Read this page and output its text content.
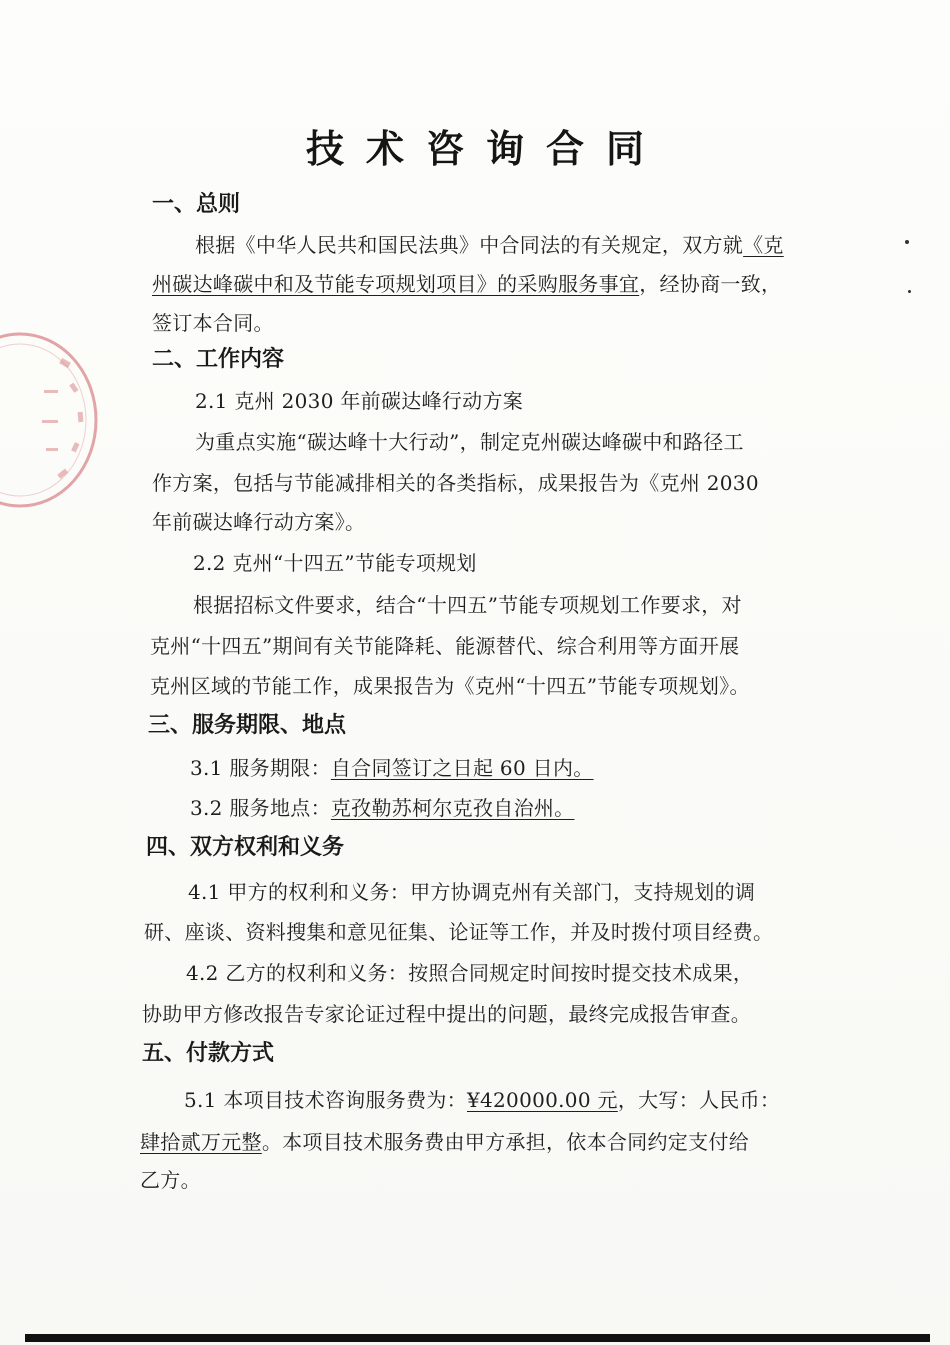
技术咨询合同
一、总则
根据《中华人民共和国民法典》中合同法的有关规定，双方就《克
州碳达峰碳中和及节能专项规划项目》的采购服务事宜，经协商一致，
签订本合同。
二、工作内容
2.1 克州 2030 年前碳达峰行动方案
为重点实施“碳达峰十大行动”，制定克州碳达峰碳中和路径工
作方案，包括与节能减排相关的各类指标，成果报告为《克州 2030
年前碳达峰行动方案》。
2.2 克州“十四五”节能专项规划
根据招标文件要求，结合“十四五”节能专项规划工作要求，对
克州“十四五”期间有关节能降耗、能源替代、综合利用等方面开展
克州区域的节能工作，成果报告为《克州“十四五”节能专项规划》。
三、服务期限、地点
3.1 服务期限：自合同签订之日起 60 日内。
3.2 服务地点：克孜勒苏柯尔克孜自治州。
四、双方权利和义务
4.1 甲方的权利和义务：甲方协调克州有关部门，支持规划的调
研、座谈、资料搜集和意见征集、论证等工作，并及时拨付项目经费。
4.2 乙方的权利和义务：按照合同规定时间按时提交技术成果，
协助甲方修改报告专家论证过程中提出的问题，最终完成报告审查。
五、付款方式
5.1 本项目技术咨询服务费为：¥420000.00 元，大写：人民币：
肆拾贰万元整。本项目技术服务费由甲方承担，依本合同约定支付给
乙方。
